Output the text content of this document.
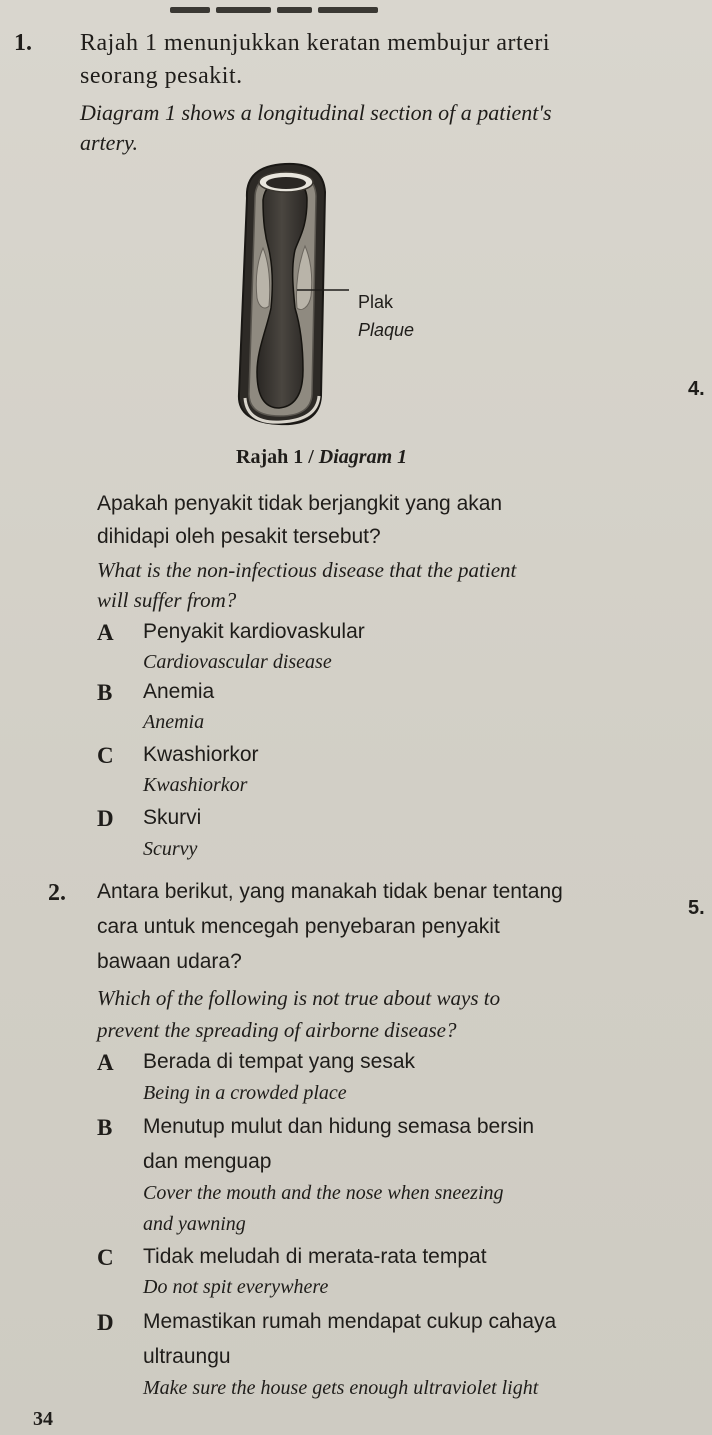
1. Rajah 1 menunjukkan keratan membujur arteri
seorang pesakit.
Diagram 1 shows a longitudinal section of a patient's
artery.
Plak
Plaque
4.
Rajah 1 / Diagram 1
Apakah penyakit tidak berjangkit yang akan
dihidapi oleh pesakit tersebut?
What is the non-infectious disease that the patient
will suffer from?
A Penyakit kardiovaskular
Cardiovascular disease
B Anemia
Anemia
C Kwashiorkor
Kwashiorkor
D Skurvi
Scurvy
2. Antara berikut, yang manakah tidak benar tentang
5.
cara untuk mencegah penyebaran penyakit
bawaan udara?
Which of the following is not true about ways to
prevent the spreading of airborne disease?
A Berada di tempat yang sesak
Being in a crowded place
B Menutup mulut dan hidung semasa bersin
dan menguap
Cover the mouth and the nose when sneezing
and yawning
C Tidak meludah di merata-rata tempat
Do not spit everywhere
D Memastikan rumah mendapat cukup cahaya
ultraungu
Make sure the house gets enough ultraviolet light
34
